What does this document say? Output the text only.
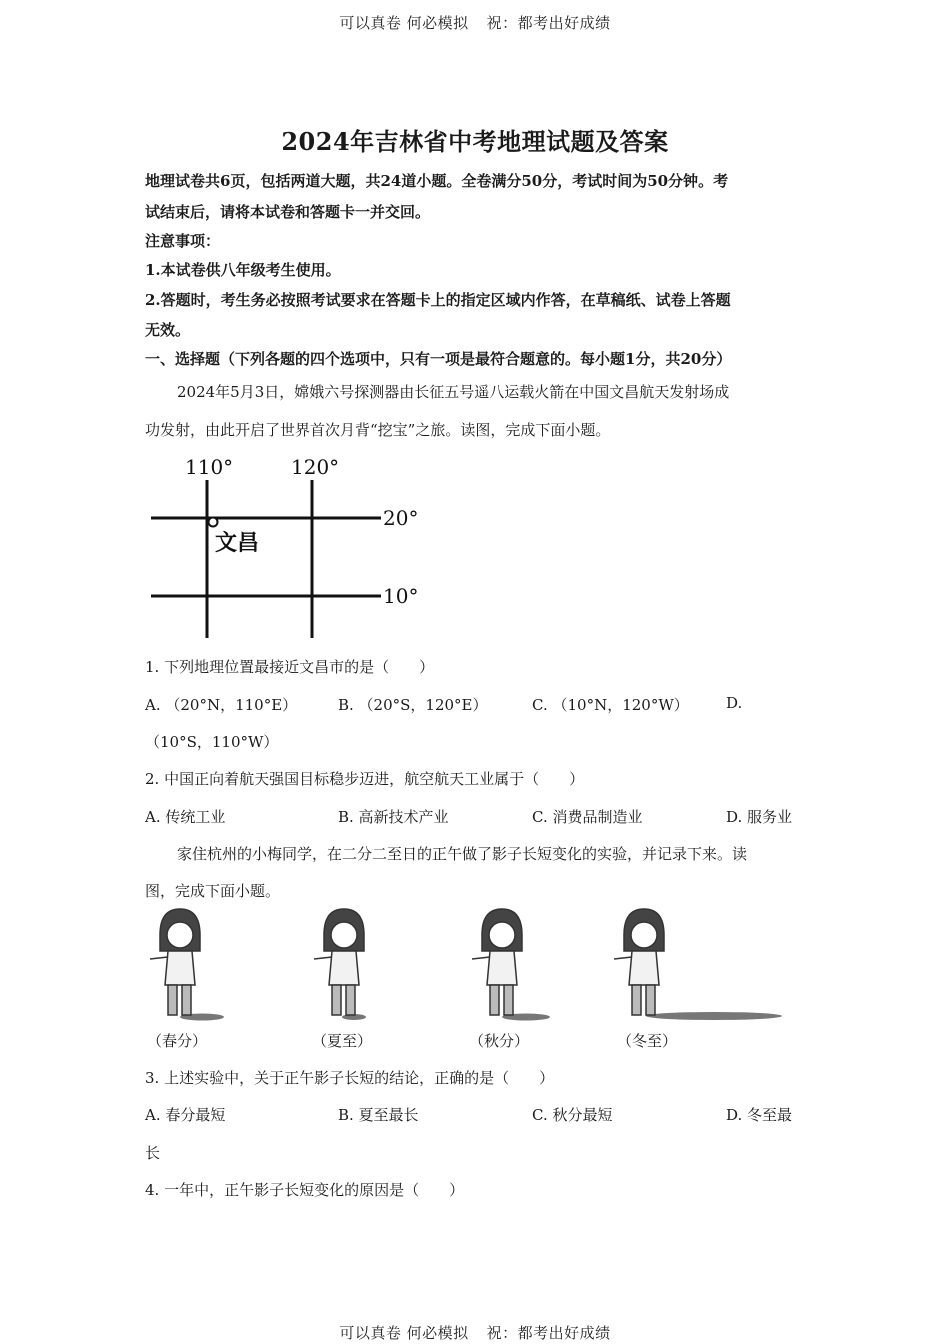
可以真卷 何必模拟 祝：都考出好成绩
2024年吉林省中考地理试题及答案
地理试卷共6页，包括两道大题，共24道小题。全卷满分50分，考试时间为50分钟。考
试结束后，请将本试卷和答题卡一并交回。
注意事项：
1.本试卷供八年级考生使用。
2.答题时，考生务必按照考试要求在答题卡上的指定区域内作答，在草稿纸、试卷上答题
无效。
一、选择题（下列各题的四个选项中，只有一项是最符合题意的。每小题1分，共20分）
2024年5月3日，嫦娥六号探测器由长征五号遥八运载火箭在中国文昌航天发射场成
功发射，由此开启了世界首次月背“挖宝”之旅。读图，完成下面小题。
110°	120°
20°
10°
文昌
1. 下列地理位置最接近文昌市的是（　　）
A. （20°N，110°E）	B. （20°S，120°E）	C. （10°N，120°W） D.
（10°S，110°W）
2. 中国正向着航天强国目标稳步迈进，航空航天工业属于（　　）
A. 传统工业	B. 高新技术产业	C. 消费品制造业	D. 服务业
家住杭州的小梅同学，在二分二至日的正午做了影子长短变化的实验，并记录下来。读
图，完成下面小题。
（春分）	（夏至）	（秋分）	（冬至）
3. 上述实验中，关于正午影子长短的结论，正确的是（　　）
A. 春分最短	B. 夏至最长	C. 秋分最短	D. 冬至最
长
4. 一年中，正午影子长短变化的原因是（　　）
可以真卷 何必模拟 祝：都考出好成绩
